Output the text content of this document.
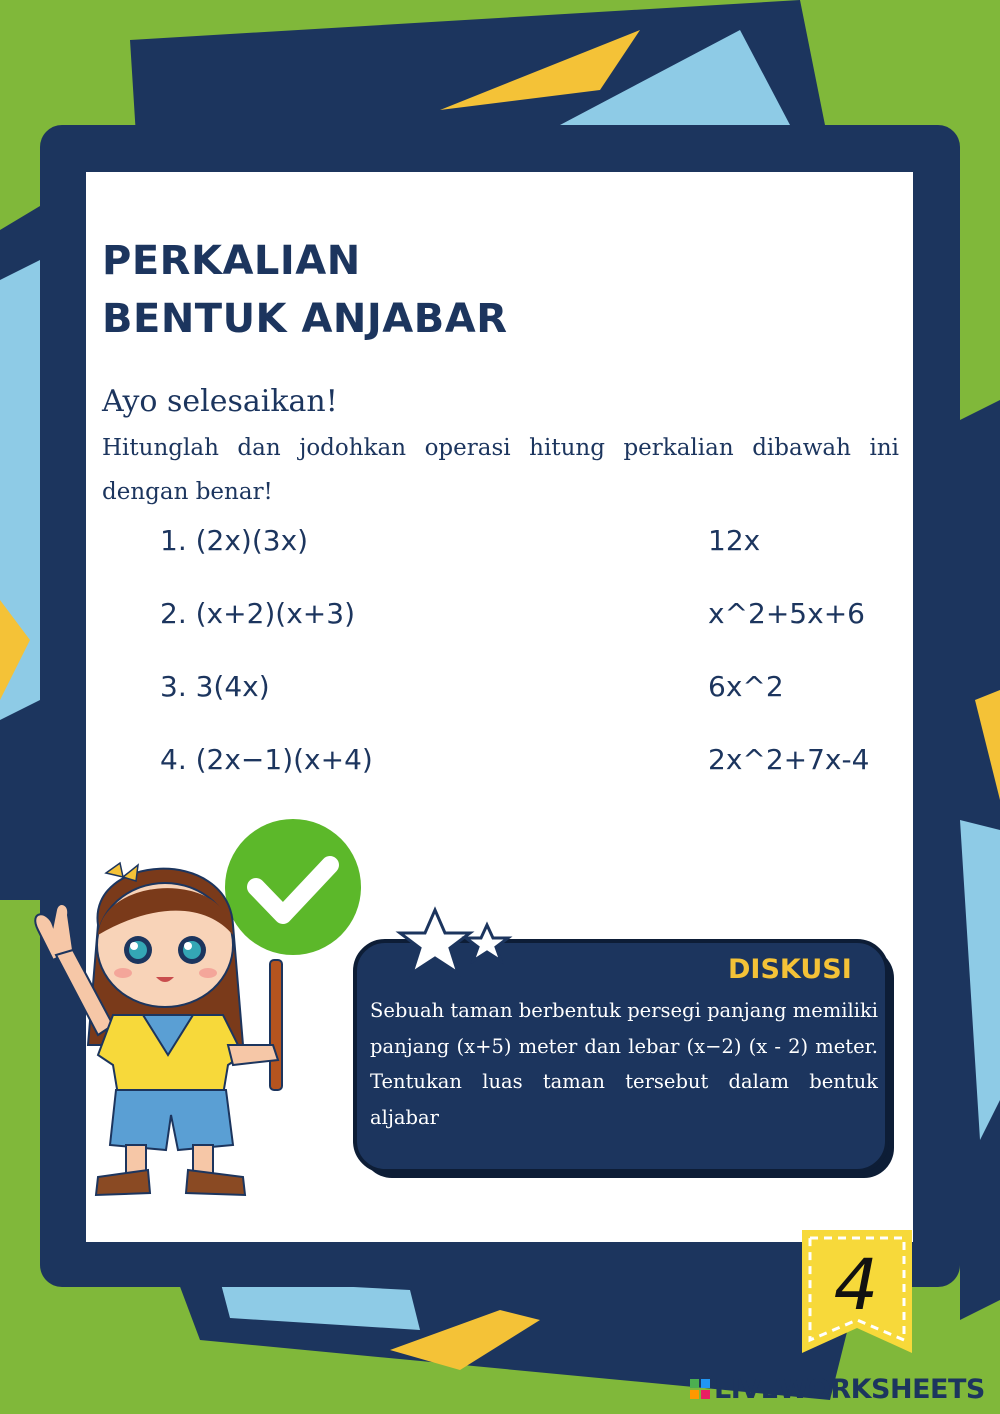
PERKALIAN
BENTUK ANJABAR
Ayo selesaikan!
Hitunglah dan jodohkan operasi hitung perkalian dibawah ini dengan benar!
1. (2x)(3x)
2. (x+2)(x+3)
3. 3(4x)
4. (2x−1)(x+4)
12x
x^2+5x+6
6x^2
2x^2+7x-4
DISKUSI
Sebuah taman berbentuk persegi panjang memiliki panjang (x+5) meter dan lebar (x−2) (x - 2) meter. Tentukan luas taman tersebut dalam bentuk aljabar
4
LIVEWORKSHEETS
